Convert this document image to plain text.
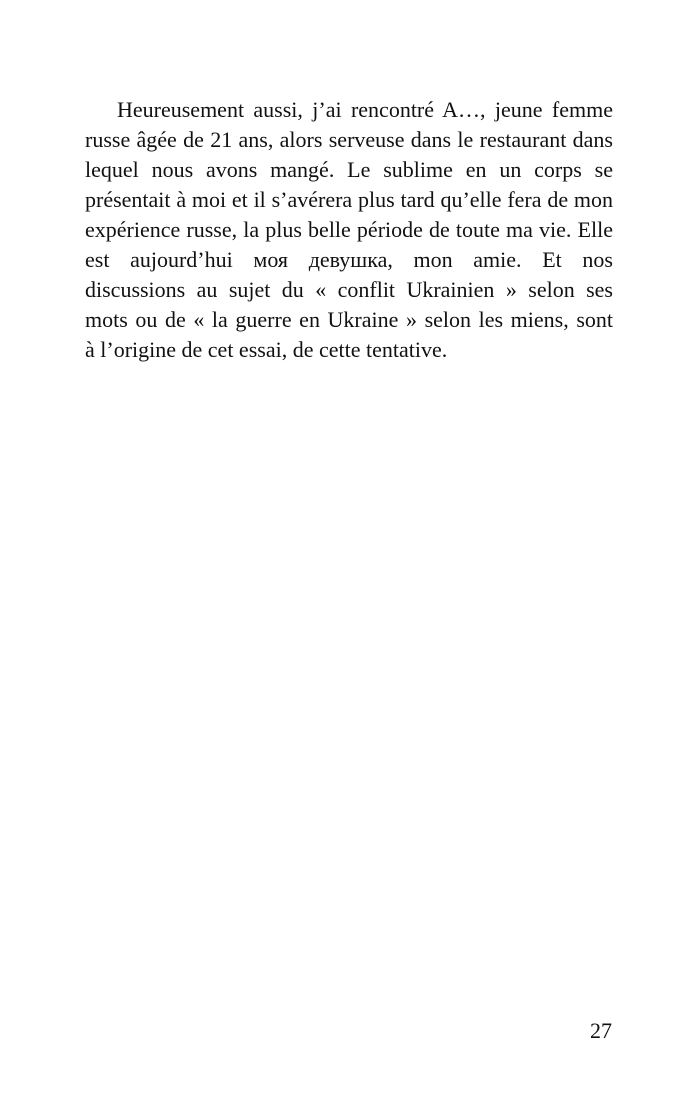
Heureusement aussi, j’ai rencontré A…, jeune femme
russe âgée de 21 ans, alors serveuse dans le restaurant dans
lequel nous avons mangé. Le sublime en un corps se
présentait à moi et il s’avérera plus tard qu’elle fera de mon
expérience russe, la plus belle période de toute ma vie. Elle
est aujourd’hui моя девушка, mon amie. Et nos
discussions au sujet du « conflit Ukrainien » selon ses
mots ou de « la guerre en Ukraine » selon les miens, sont
à l’origine de cet essai, de cette tentative.
27
